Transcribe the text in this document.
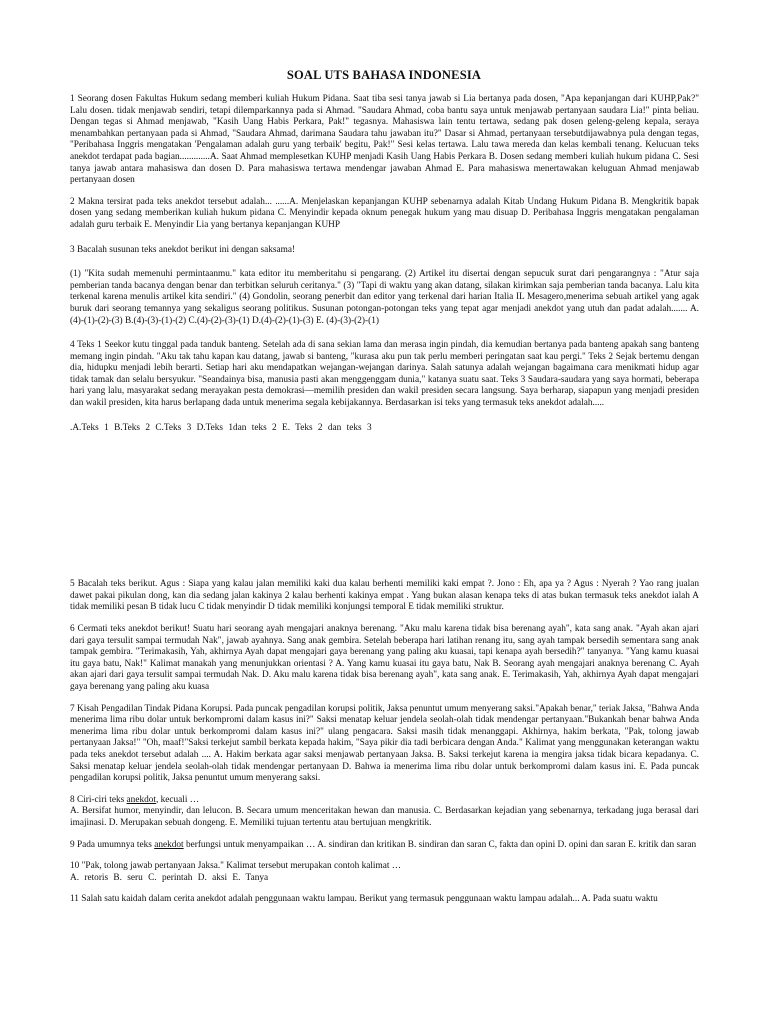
SOAL UTS BAHASA INDONESIA

1 Seorang dosen Fakultas Hukum sedang memberi kuliah Hukum Pidana. Saat tiba sesi tanya jawab si Lia bertanya pada dosen, "Apa kepanjangan dari KUHP,Pak?" Lalu dosen. tidak menjawab sendiri, tetapi dilemparkannya pada si Ahmad. "Saudara Ahmad, coba bantu saya untuk menjawab pertanyaan saudara Lia!" pinta beliau. Dengan tegas si Ahmad menjawab, "Kasih Uang Habis Perkara, Pak!" tegasnya. Mahasiswa lain tentu tertawa, sedang pak dosen geleng-geleng kepala, seraya menambahkan pertanyaan pada si Ahmad, "Saudara Ahmad, darimana Saudara tahu jawaban itu?" Dasar si Ahmad, pertanyaan tersebutdijawabnya pula dengan tegas, "Peribahasa Inggris mengatakan 'Pengalaman adalah guru yang terbaik' begitu, Pak!" Sesi kelas tertawa. Lalu tawa mereda dan kelas kembali tenang. Kelucuan teks anekdot terdapat pada bagian.............A. Saat Ahmad memplesetkan KUHP menjadi Kasih Uang Habis Perkara B. Dosen sedang memberi kuliah hukum pidana C. Sesi tanya jawab antara mahasiswa dan dosen D. Para mahasiswa tertawa mendengar jawaban Ahmad E. Para mahasiswa menertawakan keluguan Ahmad menjawab pertanyaan dosen

2 Makna tersirat pada teks anekdot tersebut adalah... ......A. Menjelaskan kepanjangan KUHP sebenarnya adalah Kitab Undang Hukum Pidana B. Mengkritik bapak dosen yang sedang memberikan kuliah hukum pidana C. Menyindir kepada oknum penegak hukum yang mau disuap D. Peribahasa Inggris mengatakan pengalaman adalah guru terbaik E. Menyindir Lia yang bertanya kepanjangan KUHP

3 Bacalah susunan teks anekdot berikut ini dengan saksama!

(1) "Kita sudah memenuhi permintaanmu." kata editor itu memberitahu si pengarang. (2) Artikel itu disertai dengan sepucuk surat dari pengarangnya : "Atur saja pemberian tanda bacanya dengan benar dan terbitkan seluruh ceritanya." (3) "Tapi di waktu yang akan datang, silakan kirimkan saja pemberian tanda bacanya. Lalu kita terkenal karena menulis artikel kita sendiri." (4) Gondolin, seorang penerbit dan editor yang terkenal dari harian Italia IL Mesagero,menerima sebuah artikel yang agak buruk dari seorang temannya yang sekaligus seorang politikus. Susunan potongan-potongan teks yang tepat agar menjadi anekdot yang utuh dan padat adalah....... A. (4)-(1)-(2)-(3) B.(4)-(3)-(1)-(2) C.(4)-(2)-(3)-(1) D.(4)-(2)-(1)-(3) E. (4)-(3)-(2)-(1)

4 Teks 1 Seekor kutu tinggal pada tanduk banteng. Setelah ada di sana sekian lama dan merasa ingin pindah, dia kemudian bertanya pada banteng apakah sang banteng memang ingin pindah. "Aku tak tahu kapan kau datang, jawab si banteng, "kurasa aku pun tak perlu memberi peringatan saat kau pergi." Teks 2 Sejak bertemu dengan dia, hidupku menjadi lebih berarti. Setiap hari aku mendapatkan wejangan-wejangan darinya. Salah satunya adalah wejangan bagaimana cara menikmati hidup agar tidak tamak dan selalu bersyukur. "Seandainya bisa, manusia pasti akan menggenggam dunia," katanya suatu saat. Teks 3 Saudara-saudara yang saya hormati, beberapa hari yang lalu, masyarakat sedang merayakan pesta demokrasi—memilih presiden dan wakil presiden secara langsung. Saya berharap, siapapun yang menjadi presiden dan wakil presiden, kita harus berlapang dada untuk menerima segala kebijakannya. Berdasarkan isi teks yang termasuk teks anekdot adalah.....

.A.Teks 1 B.Teks 2 C.Teks 3 D.Teks 1dan teks 2 E. Teks 2 dan teks 3

5 Bacalah teks berikut. Agus : Siapa yang kalau jalan memiliki kaki dua kalau berhenti memiliki kaki empat ?. Jono : Eh, apa ya ? Agus : Nyerah ? Yao rang jualan dawet pakai pikulan dong, kan dia sedang jalan kakinya 2 kalau berhenti kakinya empat . Yang bukan alasan kenapa teks di atas bukan termasuk teks anekdot ialah A tidak memiliki pesan B tidak lucu C tidak menyindir D tidak memiliki konjungsi temporal E tidak memiliki struktur.

6 Cermati teks anekdot berikut! Suatu hari seorang ayah mengajari anaknya berenang. "Aku malu karena tidak bisa berenang ayah", kata sang anak. "Ayah akan ajari dari gaya tersulit sampai termudah Nak", jawab ayahnya. Sang anak gembira. Setelah beberapa hari latihan renang itu, sang ayah tampak bersedih sementara sang anak tampak gembira. "Terimakasih, Yah, akhirnya Ayah dapat mengajari gaya berenang yang paling aku kuasai, tapi kenapa ayah bersedih?" tanyanya. "Yang kamu kuasai itu gaya batu, Nak!" Kalimat manakah yang menunjukkan orientasi ? A. Yang kamu kuasai itu gaya batu, Nak B. Seorang ayah mengajari anaknya berenang C. Ayah akan ajari dari gaya tersulit sampai termudah Nak. D. Aku malu karena tidak bisa berenang ayah", kata sang anak. E. Terimakasih, Yah, akhirnya Ayah dapat mengajari gaya berenang yang paling aku kuasa

7 Kisah Pengadilan Tindak Pidana Korupsi. Pada puncak pengadilan korupsi politik, Jaksa penuntut umum menyerang saksi."Apakah benar," teriak Jaksa, "Bahwa Anda menerima lima ribu dolar untuk berkompromi dalam kasus ini?" Saksi menatap keluar jendela seolah-olah tidak mendengar pertanyaan."Bukankah benar bahwa Anda menerima lima ribu dolar untuk berkompromi dalam kasus ini?" ulang pengacara. Saksi masih tidak menanggapi. Akhirnya, hakim berkata, "Pak, tolong jawab pertanyaan Jaksa!" "Oh, maaf!"Saksi terkejut sambil berkata kepada hakim, "Saya pikir dia tadi berbicara dengan Anda." Kalimat yang menggunakan keterangan waktu pada teks anekdot tersebut adalah .... A. Hakim berkata agar saksi menjawab pertanyaan Jaksa. B. Saksi terkejut karena ia mengira jaksa tidak bicara kepadanya. C. Saksi menatap keluar jendela seolah-olah tidak mendengar pertanyaan D. Bahwa ia menerima lima ribu dolar untuk berkompromi dalam kasus ini. E. Pada puncak pengadilan korupsi politik, Jaksa penuntut umum menyerang saksi.

8 Ciri-ciri teks anekdot, kecuali …

A. Bersifat humor, menyindir, dan lelucon. B. Secara umum menceritakan hewan dan manusia. C. Berdasarkan kejadian yang sebenarnya, terkadang juga berasal dari imajinasi. D. Merupakan sebuah dongeng. E. Memiliki tujuan tertentu atau bertujuan mengkritik.

9 Pada umumnya teks anekdot berfungsi untuk menyampaikan … A. sindiran dan kritikan B. sindiran dan saran C, fakta dan opini D. opini dan saran E. kritik dan saran

10 "Pak, tolong jawab pertanyaan Jaksa." Kalimat tersebut merupakan contoh kalimat …

A. retoris B. seru C. perintah D. aksi E. Tanya

11 Salah satu kaidah dalam cerita anekdot adalah penggunaan waktu lampau. Berikut yang termasuk penggunaan waktu lampau adalah... A. Pada suatu waktu
